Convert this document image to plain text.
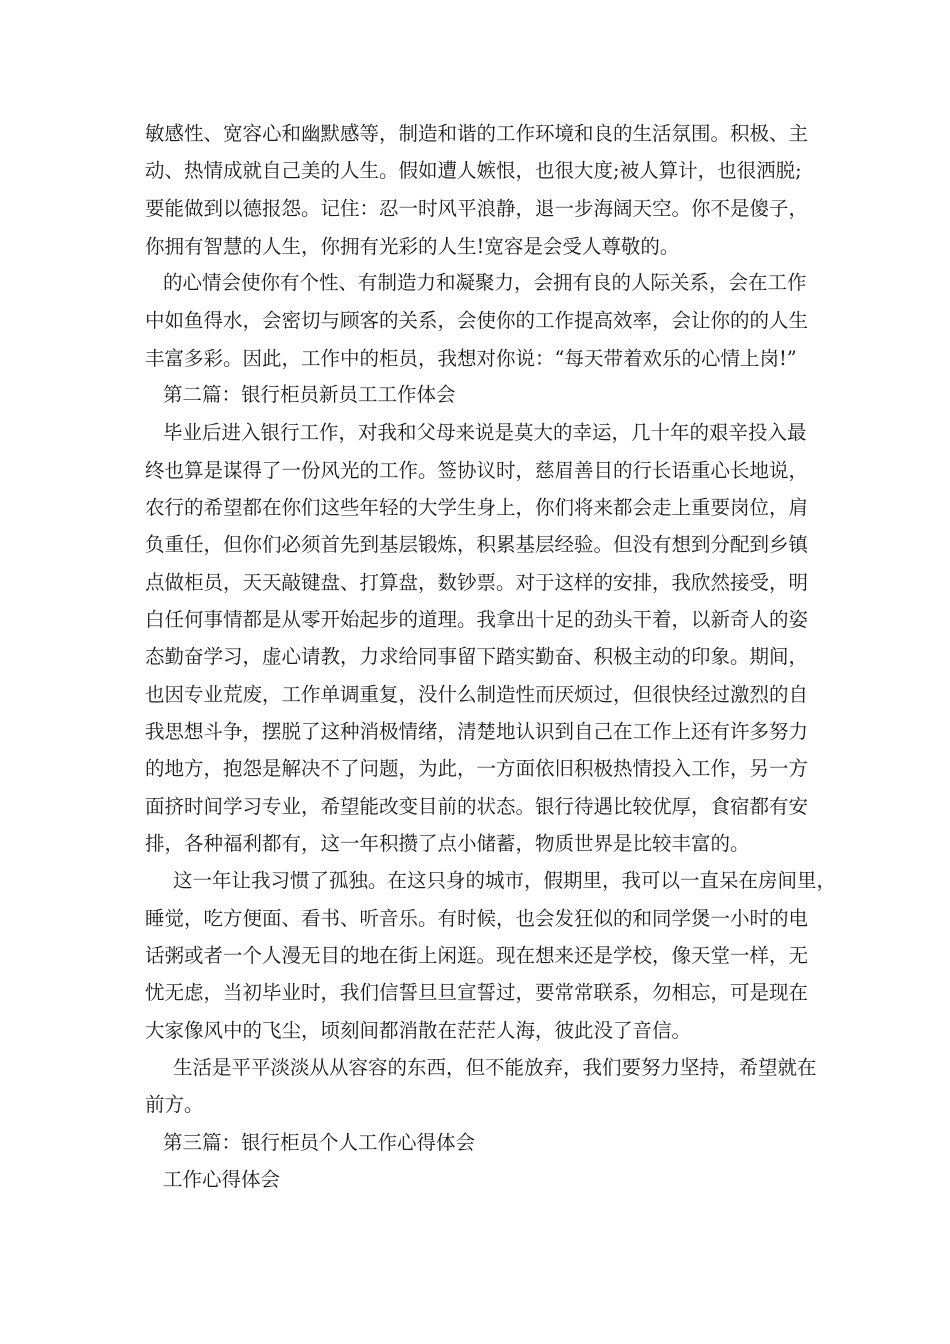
敏感性、宽容心和幽默感等，制造和谐的工作环境和良的生活氛围。积极、主
动、热情成就自己美的人生。假如遭人嫉恨，也很大度;被人算计，也很洒脱;
要能做到以德报怨。记住：忍一时风平浪静，退一步海阔天空。你不是傻子，
你拥有智慧的人生，你拥有光彩的人生!宽容是会受人尊敬的。
的心情会使你有个性、有制造力和凝聚力，会拥有良的人际关系，会在工作
中如鱼得水，会密切与顾客的关系，会使你的工作提高效率，会让你的的人生
丰富多彩。因此，工作中的柜员，我想对你说：“每天带着欢乐的心情上岗!”
第二篇：银行柜员新员工工作体会
毕业后进入银行工作，对我和父母来说是莫大的幸运，几十年的艰辛投入最
终也算是谋得了一份风光的工作。签协议时，慈眉善目的行长语重心长地说，
农行的希望都在你们这些年轻的大学生身上，你们将来都会走上重要岗位，肩
负重任，但你们必须首先到基层锻炼，积累基层经验。但没有想到分配到乡镇
点做柜员，天天敲键盘、打算盘，数钞票。对于这样的安排，我欣然接受，明
白任何事情都是从零开始起步的道理。我拿出十足的劲头干着，以新奇人的姿
态勤奋学习，虚心请教，力求给同事留下踏实勤奋、积极主动的印象。期间，
也因专业荒废，工作单调重复，没什么制造性而厌烦过，但很快经过激烈的自
我思想斗争，摆脱了这种消极情绪，清楚地认识到自己在工作上还有许多努力
的地方，抱怨是解决不了问题，为此，一方面依旧积极热情投入工作，另一方
面挤时间学习专业，希望能改变目前的状态。银行待遇比较优厚，食宿都有安
排，各种福利都有，这一年积攒了点小储蓄，物质世界是比较丰富的。
这一年让我习惯了孤独。在这只身的城市，假期里，我可以一直呆在房间里，
睡觉，吃方便面、看书、听音乐。有时候，也会发狂似的和同学煲一小时的电
话粥或者一个人漫无目的地在街上闲逛。现在想来还是学校，像天堂一样，无
忧无虑，当初毕业时，我们信誓旦旦宣誓过，要常常联系，勿相忘，可是现在
大家像风中的飞尘，顷刻间都消散在茫茫人海，彼此没了音信。
生活是平平淡淡从从容容的东西，但不能放弃，我们要努力坚持，希望就在
前方。
第三篇：银行柜员个人工作心得体会
工作心得体会
